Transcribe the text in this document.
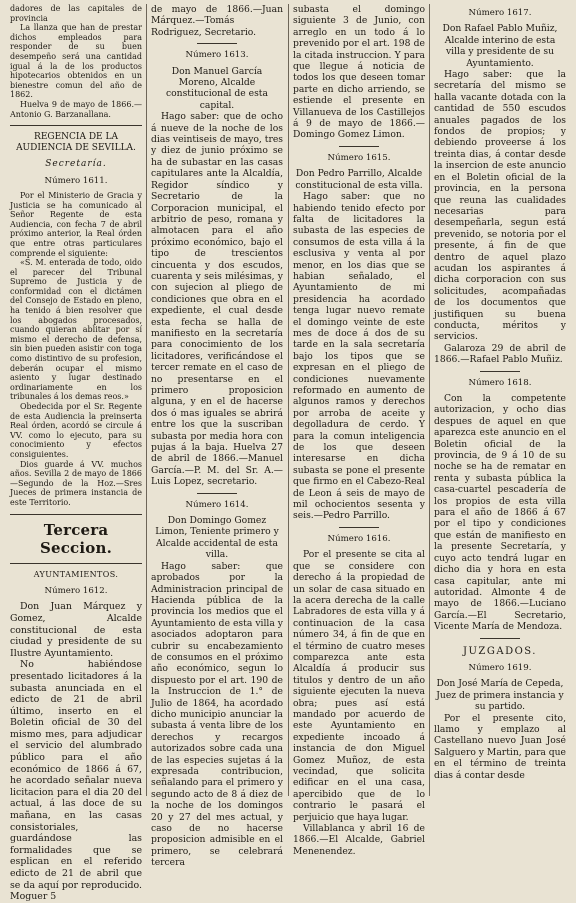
dadores de las capitales de provincia

La llanza que han de prestar dichos empleados para responder de su buen desempeño será una cantidad igual á la de los productos hipotecarios obtenidos en un bienestre comun del año de 1862.

Huelva 9 de mayo de 1866.— Antonio G. Barzanallana.

REGENCIA DE LA AUDIENCIA DE SEVILLA.

Secretaría.

Número 1611.

Por el Ministerio de Gracia y Justicia se ha comunicado al Señor Regente de esta Audiencia, con fecha 7 de abril próximo anterior, la Real órden que entre otras particulares comprende el siguiente:

«S. M. enterada de todo, oido el parecer del Tribunal Supremo de Justicia y de conformidad con el dictámen del Consejo de Estado en pleno, ha tenido á bien resolver que los abogados procesados, cuando quieran ablitar por sí mismo el derecho de defensa, sin bien pueden asistir con toga como distintivo de su profesion, deberán ocupar el mismo asiento y lugar destinado ordinariamente en los tribunales á los demas reos.»

Obedecida por el Sr. Regente de esta Audiencia la preinserta Real órden, acordó se circule á VV. como lo ejecuto, para su conocimiento y efectos consiguientes.

Dios guarde á VV. muchos años. Sevilla 2 de mayo de 1866 —Segundo de la Hoz.—Sres Jueces de primera instancia de este Territorio.

Tercera Seccion.

AYUNTAMIENTOS.

Número 1612.

Don Juan Márquez y Gomez, Alcalde constitucional de esta ciudad y presidente de su Ilustre Ayuntamiento.

No habiéndose presentado licitadores á la subasta anunciada en el edicto de 21 de abril último, inserto en el Boletin oficial de 30 del mismo mes, para adjudicar el servicio del alumbrado público para el año económico de 1866 á 67, he acordado señalar nueva licitacion para el dia 20 del actual, á las doce de su mañana, en las casas consistoriales, guardándose las formalidades que se esplican en el referido edicto de 21 de abril que se da aquí por reproducido. Moguer 5

de mayo de 1866.—Juan Márquez.—Tomás Rodriguez, Secretario.

Número 1613.

Don Manuel García Moreno, Alcalde constitucional de esta capital.

Hago saber: que de ocho á nueve de la noche de los dias veintiseis de mayo, tres y diez de junio próximo se ha de subastar en las casas capitulares ante la Alcaldía, Regidor síndico y Secretario de la Corporacion municipal, el arbitrio de peso, romana y almotacen para el año próximo económico, bajo el tipo de trescientos cincuenta y dos escudos, cuarenta y seis milésimas, y con sujecion al pliego de condiciones que obra en el expediente, el cual desde esta fecha se halla de manifiesto en la secretaría para conocimiento de los licitadores, verificándose el tercer remate en el caso de no presentarse en el primero proposicion alguna, y en el de hacerse dos ó mas iguales se abrirá entre los que la suscriban subasta por media hora con pujas á la baja. Huelva 27 de abril de 1866.—Manuel García.—P. M. del Sr. A.—Luis Lopez, secretario.

Número 1614.

Don Domingo Gomez Limon, Teniente primero y Alcalde accidental de esta villa.

Hago saber: que aprobados por la Administracion principal de Hacienda pública de la provincia los medios que el Ayuntamiento de esta villa y asociados adoptaron para cubrir su encabezamiento de consumos en el próximo año económico, segun lo dispuesto por el art. 190 de la Instruccion de 1.° de Julio de 1864, ha acordado dicho municipio anunciar la subasta á venta libre de los derechos y recargos autorizados sobre cada una de las especies sujetas á la expresada contribucion, señalando para el primero y segundo acto de 8 á diez de la noche de los domingos 20 y 27 del mes actual, y caso de no hacerse proposicion admisible en el primero, se celebrará tercera

subasta el domingo siguiente 3 de Junio, con arreglo en un todo á lo prevenido por el art. 198 de la citada instruccion. Y para que llegue á noticia de todos los que deseen tomar parte en dicho arriendo, se estiende el presente en Villanueva de los Castillejos á 9 de mayo de 1866.—Domingo Gomez Limon.

Número 1615.

Don Pedro Parrillo, Alcalde constitucional de esta villa.

Hago saber: que no habiendo tenido efecto por falta de licitadores la subasta de las especies de consumos de esta villa á la esclusiva y venta al por menor, en los dias que se habian señalado, el Ayuntamiento de mi presidencia ha acordado tenga lugar nuevo remate el domingo veinte de este mes de doce á dos de su tarde en la sala secretaría bajo los tipos que se expresan en el pliego de condiciones nuevamente reformado en aumento de algunos ramos y derechos por arroba de aceite y degolladura de cerdo. Y para la comun inteligencia de los que deseen interesarse en dicha subasta se pone el presente que firmo en el Cabezo-Real de Leon á seis de mayo de mil ochocientos sesenta y seis.—Pedro Parrillo.

Número 1616.

Por el presente se cita al que se considere con derecho á la propiedad de un solar de casa situado en la acera derecha de la calle Labradores de esta villa y á continuacion de la casa número 34, á fin de que en el término de cuatro meses comparezca ante esta Alcaldía á producir sus titulos y dentro de un año siguiente ejecuten la nueva obra; pues así está mandado por acuerdo de este Ayuntamiento en expediente incoado á instancia de don Miguel Gomez Muñoz, de esta vecindad, que solicita edificar en el una casa, apercibido que de lo contrario le pasará el perjuicio que haya lugar.

Villablanca y abril 16 de 1866.—El Alcalde, Gabriel Menenendez.

Número 1617.

Don Rafael Pablo Muñiz, Alcalde interino de esta villa y presidente de su Ayuntamiento.

Hago saber: que la secretaría del mismo se halla vacante dotada con la cantidad de 550 escudos anuales pagados de los fondos de propios; y debiendo proveerse á los treinta dias, á contar desde la insercion de este anuncio en el Boletin oficial de la provincia, en la persona que reuna las cualidades necesarias para desempeñarla, segun está prevenido, se notoria por el presente, á fin de que dentro de aquel plazo acudan los aspirantes á dicha corporacion con sus solicitudes, acompañadas de los documentos que justifiquen su buena conducta, méritos y servicios.

Galaroza 29 de abril de 1866.—Rafael Pablo Muñiz.

Número 1618.

Con la competente autorizacion, y ocho dias despues de aquel en que aparezca este anuncio en el Boletin oficial de la provincia, de 9 á 10 de su noche se ha de rematar en renta y subasta pública la casa-cuartel pescadería de los propios de esta villa para el año de 1866 á 67 por el tipo y condiciones que están de manifiesto en la presente Secretaría, y cuyo acto tendrá lugar en dicho dia y hora en esta casa capitular, ante mi autoridad. Almonte 4 de mayo de 1866.—Luciano García.—El Secretario, Vicente María de Mendoza.

JUZGADOS.

Número 1619.

Don José María de Cepeda, Juez de primera instancia y su partido.

Por el presente cito, llamo y emplazo al Castellano nuevo Juan José Salguero y Martin, para que en el término de treinta dias á contar desde
